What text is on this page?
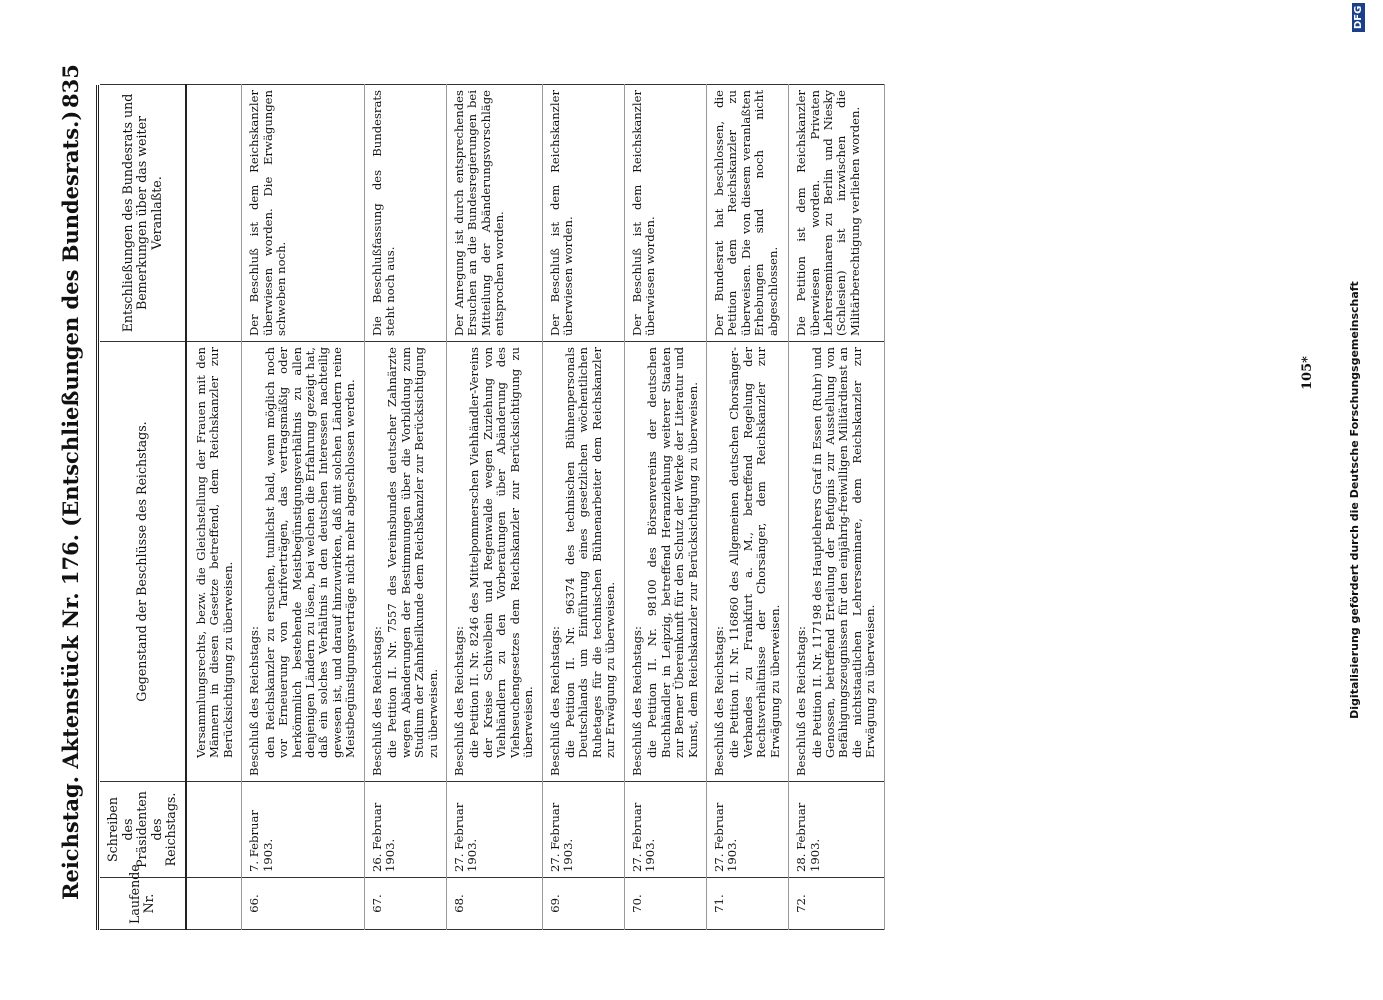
Reichstag. Aktenstück Nr. 176. (Entschließungen des Bundesrats.)
835
Laufende Nr.	Schreiben des Präsidenten des Reichstags.	Gegenstand der Beschlüsse des Reichstags.	Entschließungen des Bundesrats und Bemerkungen über das weiter Veranlaßte.

		Versammlungsrechts, bezw. die Gleichstellung der Frauen mit den Männern in diesen Gesetze betreffend, dem Reichskanzler zur Berücksichtigung zu überweisen.	

66.	7. Februar 1903.	Beschluß des Reichstags: den Reichskanzler zu ersuchen, tunlichst bald, wenn möglich noch vor Erneuerung von Tarifverträgen, das vertragsmäßig oder herkömmlich bestehende Meistbegünstigungsverhältnis zu allen denjenigen Ländern zu lösen, bei welchen die Erfahrung gezeigt hat, daß ein solches Verhältnis in den deutschen Interessen nachteilig gewesen ist, und darauf hinzuwirken, daß mit solchen Ländern reine Meistbegünstigungsverträge nicht mehr abgeschlossen werden.	Der Beschluß ist dem Reichskanzler überwiesen worden. Die Erwägungen schweben noch.
67.	26. Februar 1903.	Beschluß des Reichstags: die Petition II. Nr. 7557 des Vereinsbundes deutscher Zahnärzte wegen Abänderungen der Bestimmungen über die Vorbildung zum Studium der Zahnheilkunde dem Reichskanzler zur Berücksichtigung zu überweisen.	Die Beschlußfassung des Bundesrats steht noch aus.
68.	27. Februar 1903.	Beschluß des Reichstags: die Petition II. Nr. 8246 des Mittelpommerschen Viehhändler-Vereins der Kreise Schivelbein und Regenwalde wegen Zuziehung von Viehhändlern zu den Vorberatungen über Abänderung des Viehseuchengesetzes dem Reichskanzler zur Berücksichtigung zu überweisen.	Der Anregung ist durch entsprechendes Ersuchen an die Bundesregierungen bei Mitteilung der Abänderungsvorschläge entsprochen worden.
69.	27. Februar 1903.	Beschluß des Reichstags: die Petition II. Nr. 96374 des technischen Bühnenpersonals Deutschlands um Einführung eines gesetzlichen wöchentlichen Ruhetages für die technischen Bühnenarbeiter dem Reichskanzler zur Erwägung zu überweisen.	Der Beschluß ist dem Reichskanzler überwiesen worden.
70.	27. Februar 1903.	Beschluß des Reichstags: die Petition II. Nr. 98100 des Börsenvereins der deutschen Buchhändler in Leipzig, betreffend Heranziehung weiterer Staaten zur Berner Übereinkunft für den Schutz der Werke der Literatur und Kunst, dem Reichskanzler zur Berücksichtigung zu überweisen.	Der Beschluß ist dem Reichskanzler überwiesen worden.
71.	27. Februar 1903.	Beschluß des Reichstags: die Petition II. Nr. 116860 des Allgemeinen deutschen Chorsänger-Verbandes zu Frankfurt a. M., betreffend Regelung der Rechtsverhältnisse der Chorsänger, dem Reichskanzler zur Erwägung zu überweisen.	Der Bundesrat hat beschlossen, die Petition dem Reichskanzler zu überweisen. Die von diesem veranlaßten Erhebungen sind noch nicht abgeschlossen.
72.	28. Februar 1903.	Beschluß des Reichstags: die Petition II. Nr. 117198 des Hauptlehrers Graf in Essen (Ruhr) und Genossen, betreffend Erteilung der Befugnis zur Ausstellung von Befähigungszeugnissen für den einjährig-freiwilligen Militärdienst an die nichtstaatlichen Lehrerseminare, dem Reichskanzler zur Erwägung zu überweisen.	Die Petition ist dem Reichskanzler überwiesen worden. Privaten Lehrerseminaren zu Berlin und Niesky (Schlesien) ist inzwischen die Militärberechtigung verliehen worden.
105*	Digitalisierung gefördert durch die Deutsche Forschungsgemeinschaft
DFG
